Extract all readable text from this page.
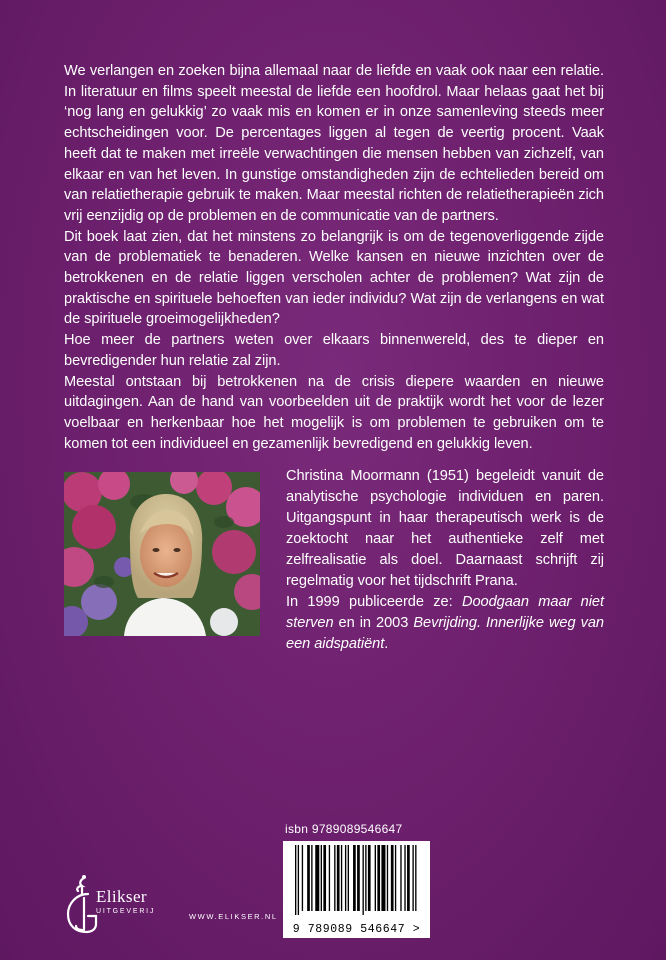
We verlangen en zoeken bijna allemaal naar de liefde en vaak ook naar een relatie. In literatuur en films speelt meestal de liefde een hoofdrol. Maar helaas gaat het bij ‘nog lang en gelukkig’ zo vaak mis en komen er in onze samenleving steeds meer echtscheidingen voor. De percentages liggen al tegen de veertig procent. Vaak heeft dat te maken met irreële verwachtingen die mensen hebben van zichzelf, van elkaar en van het leven. In gunstige omstandigheden zijn de echtelieden bereid om van relatietherapie gebruik te maken. Maar meestal richten de relatietherapieën zich vrij eenzijdig op de problemen en de communicatie van de partners.

Dit boek laat zien, dat het minstens zo belangrijk is om de tegenoverliggende zijde van de problematiek te benaderen. Welke kansen en nieuwe inzichten over de betrokkenen en de relatie liggen verscholen achter de problemen? Wat zijn de praktische en spirituele behoeften van ieder individu? Wat zijn de verlangens en wat de spirituele groeimogelijkheden?

Hoe meer de partners weten over elkaars binnenwereld, des te dieper en bevredigender hun relatie zal zijn.

Meestal ontstaan bij betrokkenen na de crisis diepere waarden en nieuwe uitdagingen. Aan de hand van voorbeelden uit de praktijk wordt het voor de lezer voelbaar en herkenbaar hoe het mogelijk is om problemen te gebruiken om te komen tot een individueel en gezamenlijk bevredigend en gelukkig leven.

Christina Moormann (1951) begeleidt vanuit de analytische psychologie individuen en paren. Uitgangspunt in haar therapeutisch werk is de zoektocht naar het authentieke zelf met zelfrealisatie als doel. Daarnaast schrijft zij regelmatig voor het tijdschrift Prana.
In 1999 publiceerde ze: Doodgaan maar niet sterven en in 2003 Bevrijding. Innerlijke weg van een aidspatiënt.
isbn 9789089546647
9 789089 546647 >
Elikser
UITGEVERIJ
WWW.ELIKSER.NL
